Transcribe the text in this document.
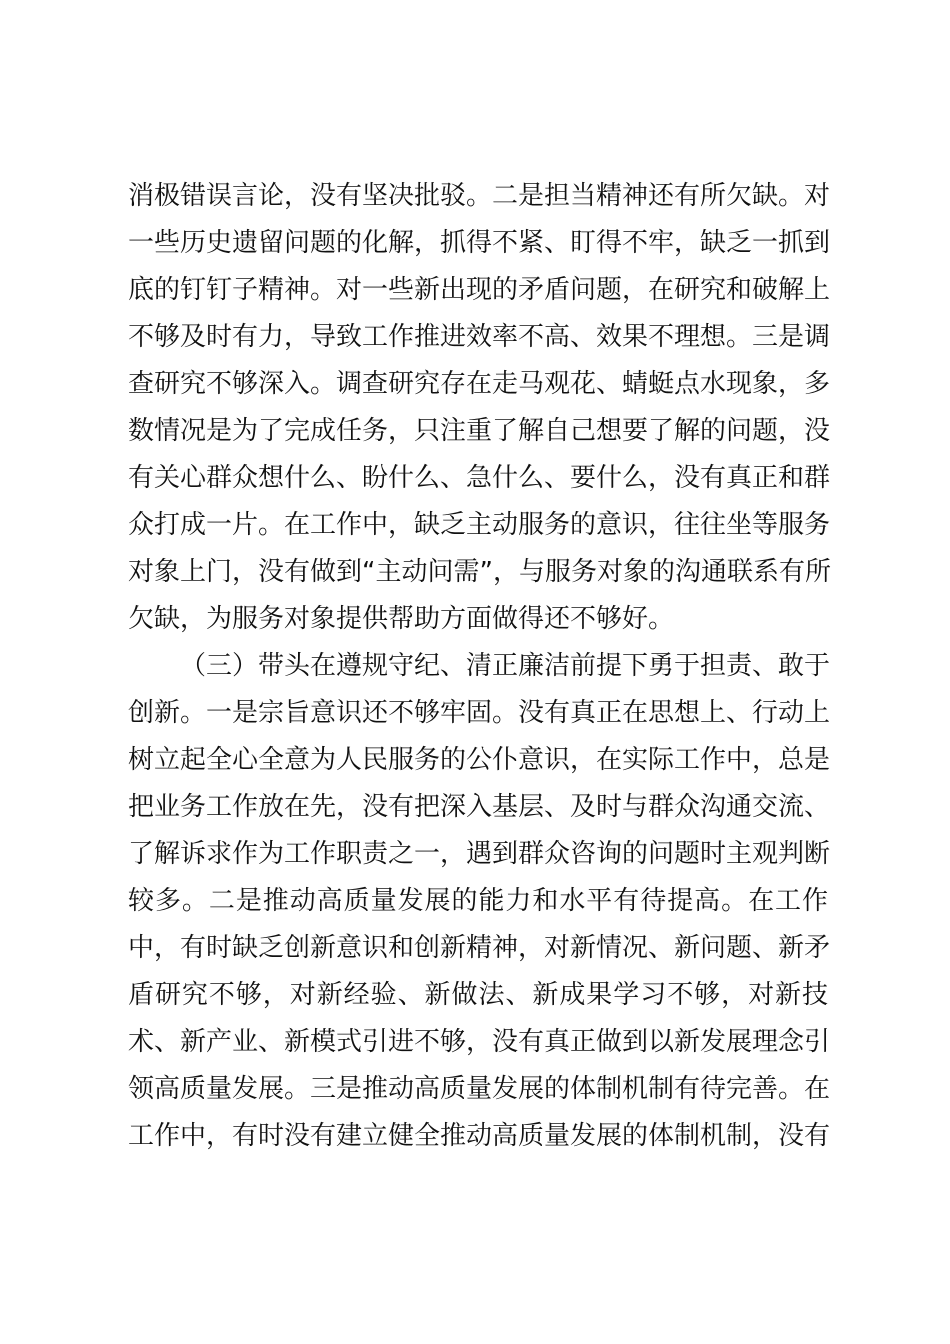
消极错误言论，没有坚决批驳。二是担当精神还有所欠缺。对
一些历史遗留问题的化解，抓得不紧、盯得不牢，缺乏一抓到
底的钉钉子精神。对一些新出现的矛盾问题，在研究和破解上
不够及时有力，导致工作推进效率不高、效果不理想。三是调
查研究不够深入。调查研究存在走马观花、蜻蜓点水现象，多
数情况是为了完成任务，只注重了解自己想要了解的问题，没
有关心群众想什么、盼什么、急什么、要什么，没有真正和群
众打成一片。在工作中，缺乏主动服务的意识，往往坐等服务
对象上门，没有做到“主动问需”，与服务对象的沟通联系有所
欠缺，为服务对象提供帮助方面做得还不够好。
（三）带头在遵规守纪、清正廉洁前提下勇于担责、敢于
创新。一是宗旨意识还不够牢固。没有真正在思想上、行动上
树立起全心全意为人民服务的公仆意识，在实际工作中，总是
把业务工作放在先，没有把深入基层、及时与群众沟通交流、
了解诉求作为工作职责之一，遇到群众咨询的问题时主观判断
较多。二是推动高质量发展的能力和水平有待提高。在工作
中，有时缺乏创新意识和创新精神，对新情况、新问题、新矛
盾研究不够，对新经验、新做法、新成果学习不够，对新技
术、新产业、新模式引进不够，没有真正做到以新发展理念引
领高质量发展。三是推动高质量发展的体制机制有待完善。在
工作中，有时没有建立健全推动高质量发展的体制机制，没有
